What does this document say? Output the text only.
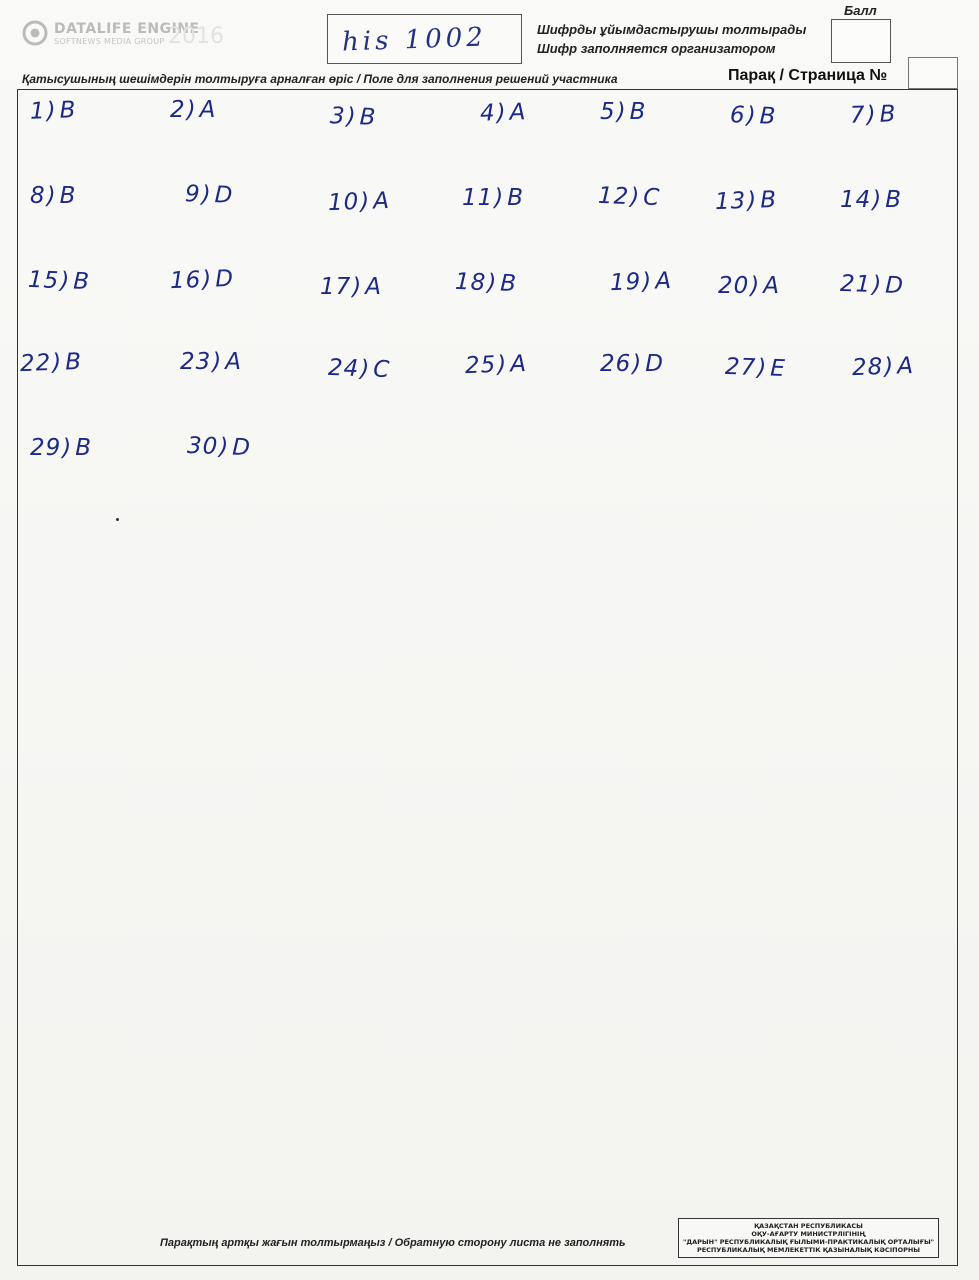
DATALIFE ENGINE
SOFTNEWS MEDIA GROUP 2016	his 1002	Шифрды ұйымдастырушы толтырады
Шифр заполняется организатором
Балл
Қатысушының шешімдерін толтыруға арналған өріс / Поле для заполнения решений участника	Парақ / Страница №
1)B	2) A	3)B	4)A	5) B	6)B	7)B
8) B	9)D	10)A	11) B	12)C 13)B	14) B
15)B	16)D	17) A	18)B	19)A 20) A	21)D
22)B	23) A	24)C	25)A	26) D	27)E	28)A
29) B	30)D
Парақтың артқы жағын толтырмаңыз / Обратную сторону листа не заполнять
ҚАЗАҚСТАН РЕСПУБЛИКАСЫ
ОҚУ-АҒАРТУ МИНИСТРЛІГІНІҢ
"ДАРЫН" РЕСПУБЛИКАЛЫҚ ҒЫЛЫМИ-ПРАКТИКАЛЫҚ ОРТАЛЫҒЫ"
РЕСПУБЛИКАЛЫҚ МЕМЛЕКЕТТІК ҚАЗЫНАЛЫҚ КӘСІПОРНЫ
